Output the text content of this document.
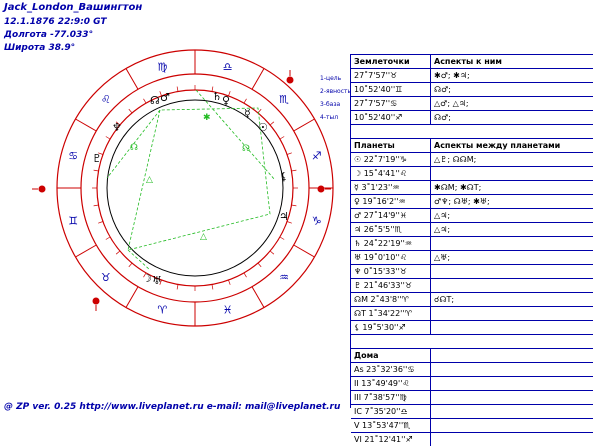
Jack_London_Вашингтон
12.1.1876 22:9:0 GT
Долгота -77.033°
Широта 38.9°
♋
♌
♍	♎
♏
♐
♑
♒
♓
♈
♉
♊
△
△
✱
☊
☊
☊ ♂	♄ ♀
☿
☉
⚸
♃
♆
♇
☽ ♅
1-цель
2-явность
3-база
4-тыл
Землеточки	Аспекты к ним
27˚7'57''♉	✱♂; ✱♃;
10˚52'40''♊	☊♂;
27˚7'57''♋	△♂; △♃;
10˚52'40''♐	☊♂;
Планеты	Аспекты между планетами
☉ 22˚7'19''♑	△♇; ☊☊M;
☽ 15˚4'41''♌
☿ 3˚1'23''♒	✱☊M; ✱☊T;
♀ 19˚16'2''♒	♂♆; ☊♅; ✱♅;
♂ 27˚14'9''♓	△♃;
♃ 26˚5'5''♏	△♃;
♄ 24˚22'19''♒
♅ 19˚0'10''♌	△♅;
♆ 0˚15'33''♉
♇ 21˚46'33''♉
☊M 2˚43'8''♈	☌☊T;
☊T 1˚34'22''♈
⚸ 19˚5'30''♐
Дома
As 23˚32'36''♋
II 13˚49'49''♌
III 7˚38'57''♍
IC 7˚35'20''♎
V 13˚53'47''♏
VI 21˚12'41''♐
@ ZP ver. 0.25 http://www.liveplanet.ru e-mail: mail@liveplanet.ru
